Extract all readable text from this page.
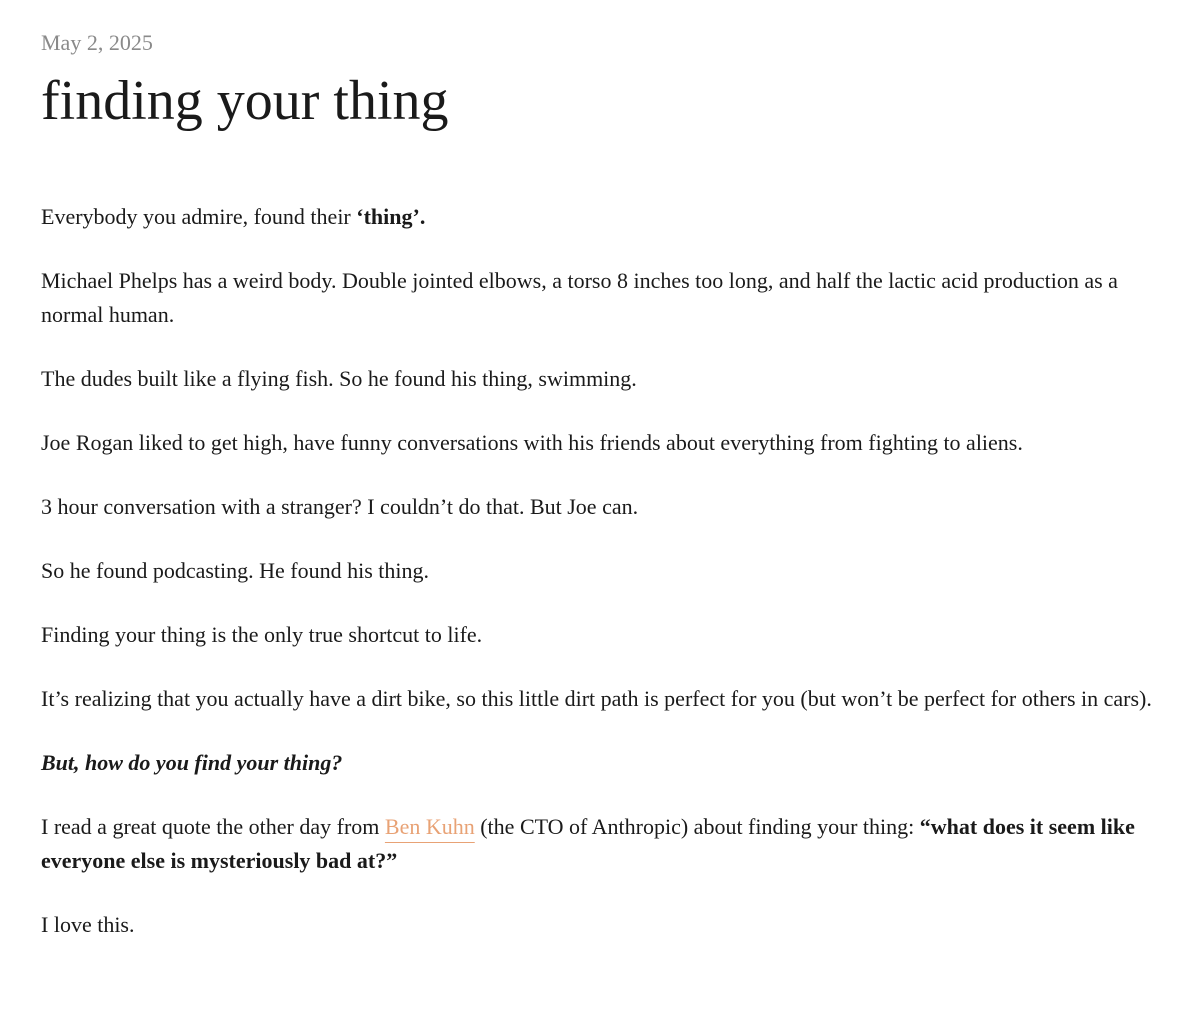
May 2, 2025
finding your thing

Everybody you admire, found their ‘thing’.

Michael Phelps has a weird body. Double jointed elbows, a torso 8 inches too long, and half the lactic acid production as a normal human.

The dudes built like a flying fish. So he found his thing, swimming.

Joe Rogan liked to get high, have funny conversations with his friends about everything from fighting to aliens.

3 hour conversation with a stranger? I couldn’t do that. But Joe can.

So he found podcasting. He found his thing.

Finding your thing is the only true shortcut to life.

It’s realizing that you actually have a dirt bike, so this little dirt path is perfect for you (but won’t be perfect for others in cars).

But, how do you find your thing?

I read a great quote the other day from Ben Kuhn (the CTO of Anthropic) about finding your thing: “what does it seem like everyone else is mysteriously bad at?”

I love this.
